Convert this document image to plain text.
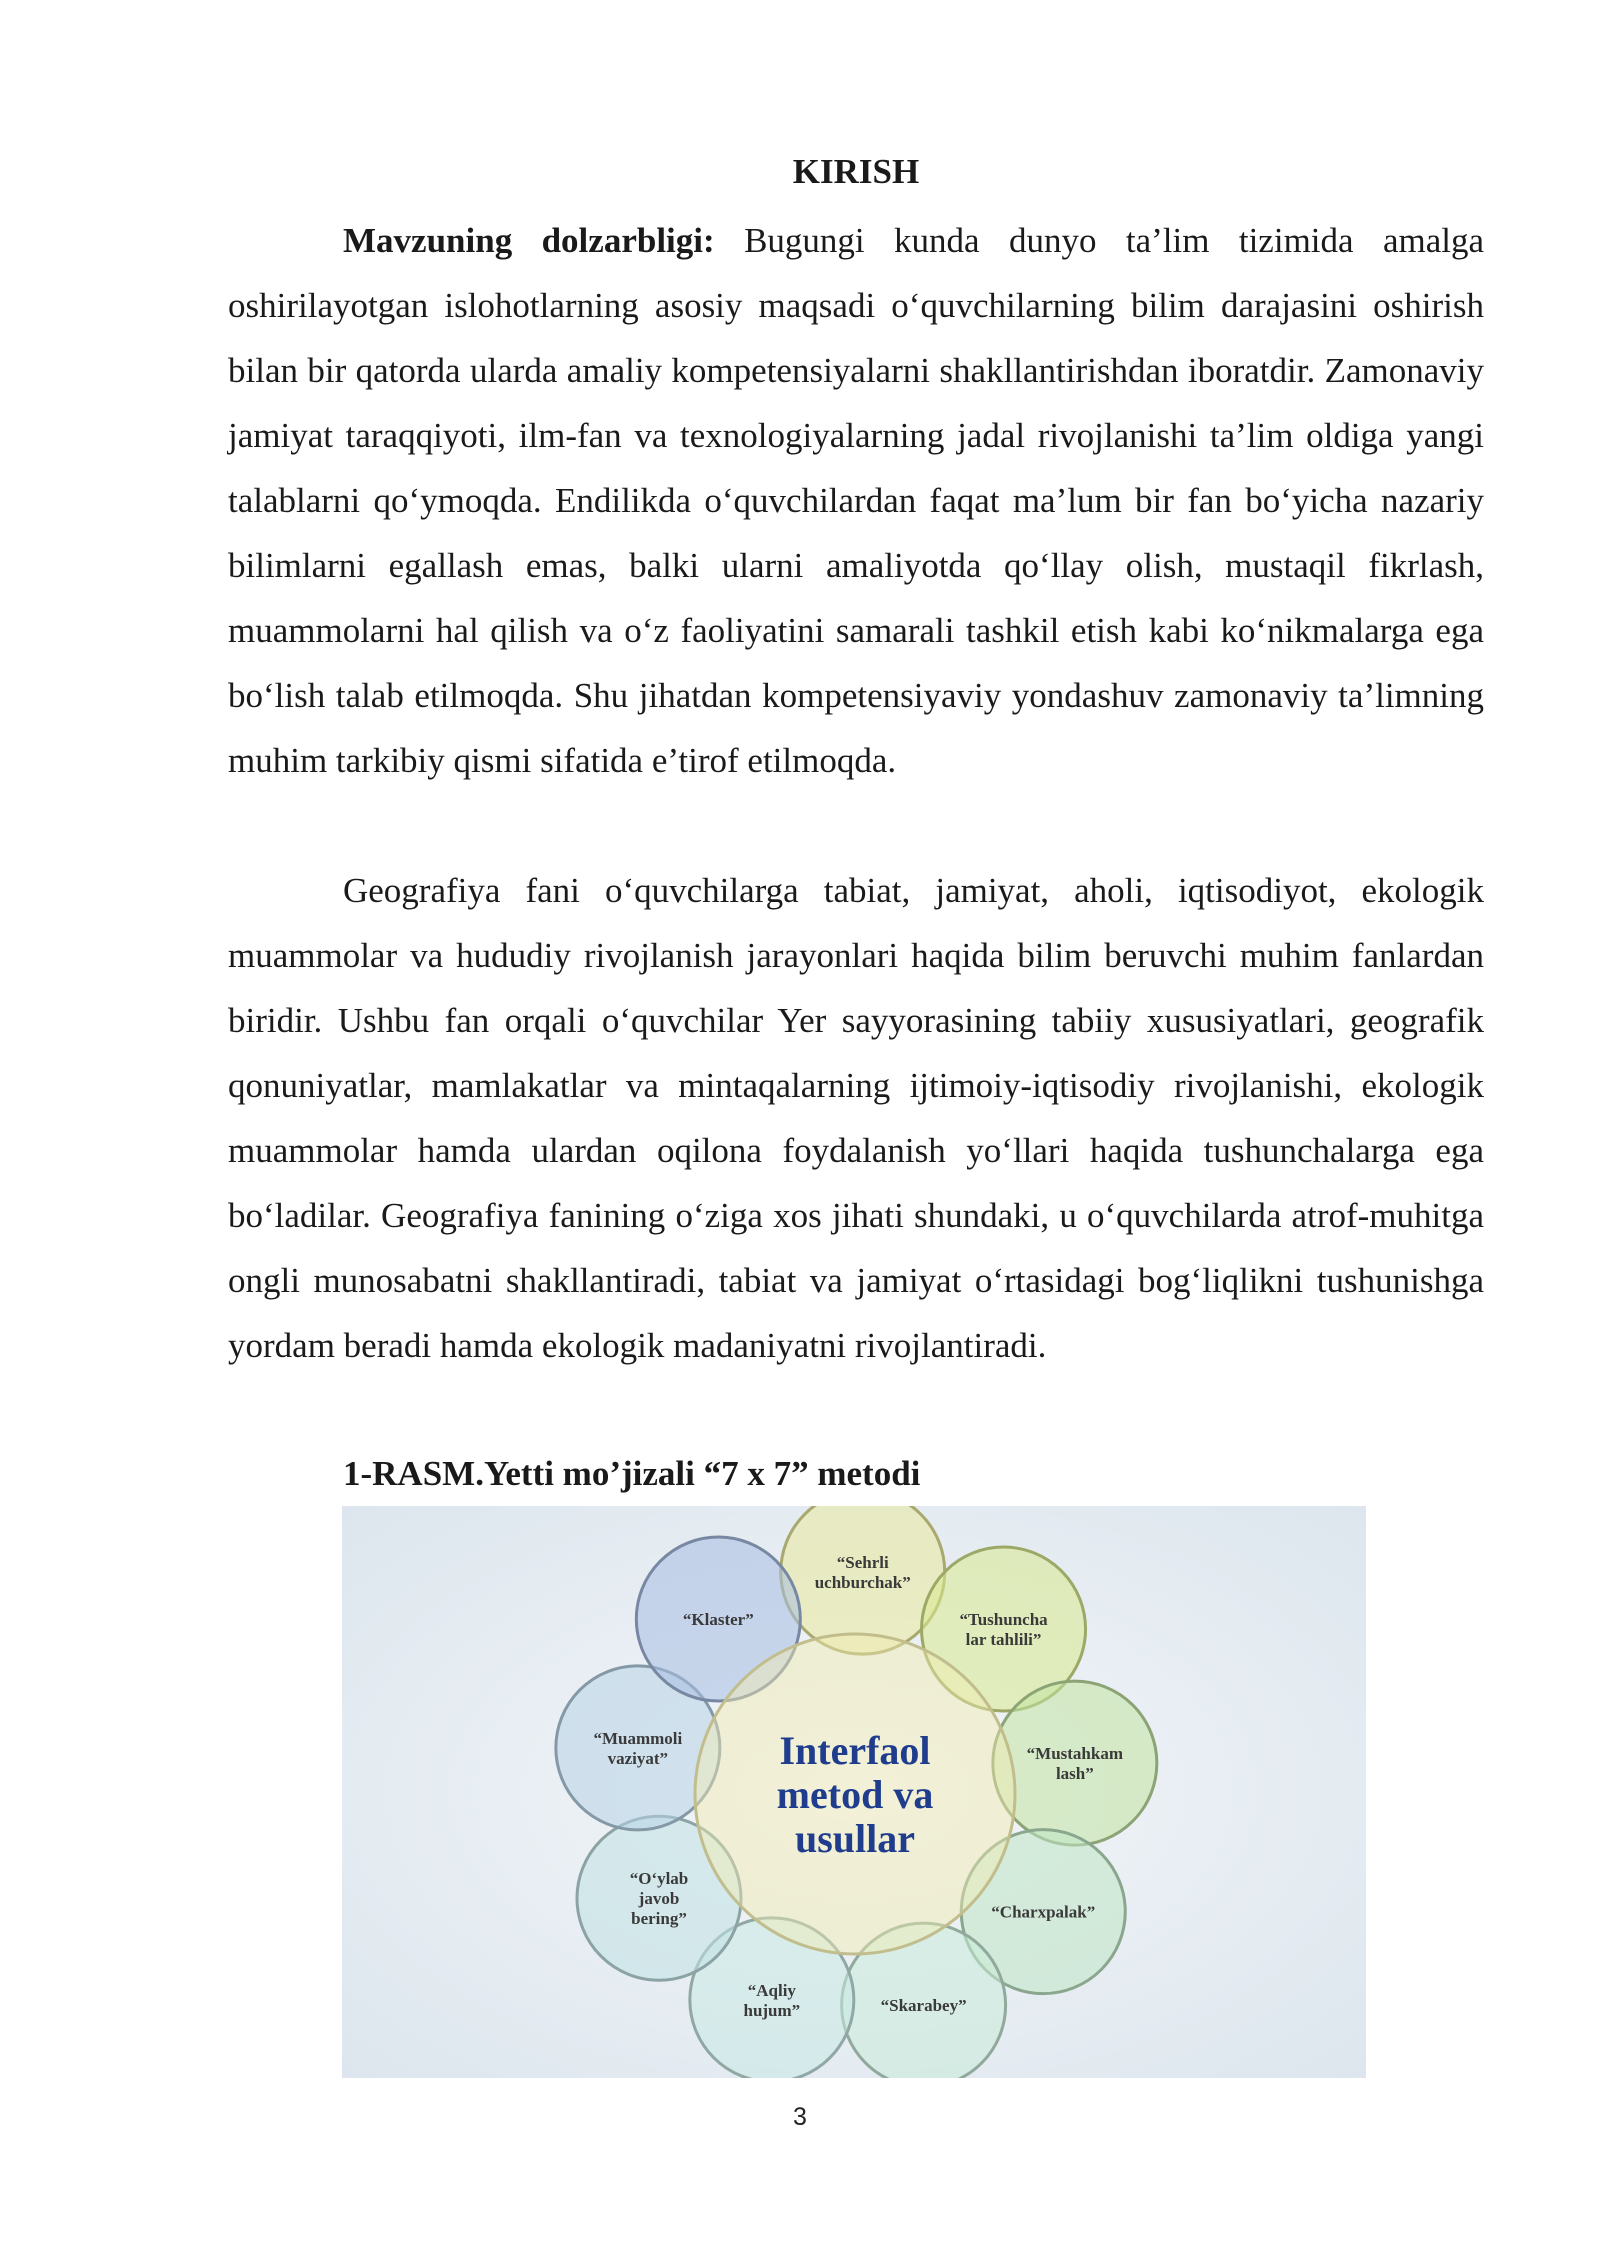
KIRISH

Mavzuning dolzarbligi: Bugungi kunda dunyo ta’lim tizimida amalga oshirilayotgan islohotlarning asosiy maqsadi o‘quvchilarning bilim darajasini oshirish bilan bir qatorda ularda amaliy kompetensiyalarni shakllantirishdan iboratdir. Zamonaviy jamiyat taraqqiyoti, ilm-fan va texnologiyalarning jadal rivojlanishi ta’lim oldiga yangi talablarni qo‘ymoqda. Endilikda o‘quvchilardan faqat ma’lum bir fan bo‘yicha nazariy bilimlarni egallash emas, balki ularni amaliyotda qo‘llay olish, mustaqil fikrlash, muammolarni hal qilish va o‘z faoliyatini samarali tashkil etish kabi ko‘nikmalarga ega bo‘lish talab etilmoqda. Shu jihatdan kompetensiyaviy yondashuv zamonaviy ta’limning muhim tarkibiy qismi sifatida e’tirof etilmoqda.

Geografiya fani o‘quvchilarga tabiat, jamiyat, aholi, iqtisodiyot, ekologik muammolar va hududiy rivojlanish jarayonlari haqida bilim beruvchi muhim fanlardan biridir. Ushbu fan orqali o‘quvchilar Yer sayyorasining tabiiy xususiyatlari, geografik qonuniyatlar, mamlakatlar va mintaqalarning ijtimoiy-iqtisodiy rivojlanishi, ekologik muammolar hamda ulardan oqilona foydalanish yo‘llari haqida tushunchalarga ega bo‘ladilar. Geografiya fanining o‘ziga xos jihati shundaki, u o‘quvchilarda atrof-muhitga ongli munosabatni shakllantiradi, tabiat va jamiyat o‘rtasidagi bog‘liqlikni tushunishga yordam beradi hamda ekologik madaniyatni rivojlantiradi.

1-RASM.Yetti mo’jizali “7 x 7” metodi

“Sehrli
uchburchak”
“Tushuncha
lar tahlili”
“Mustahkam
lash”
“Charxpalak”
“Skarabey”
“Aqliy
hujum”
“O‘ylab
javob
bering”
“Muammoli
vaziyat”
“Klaster”
Interfaol
metod va
usullar

3
